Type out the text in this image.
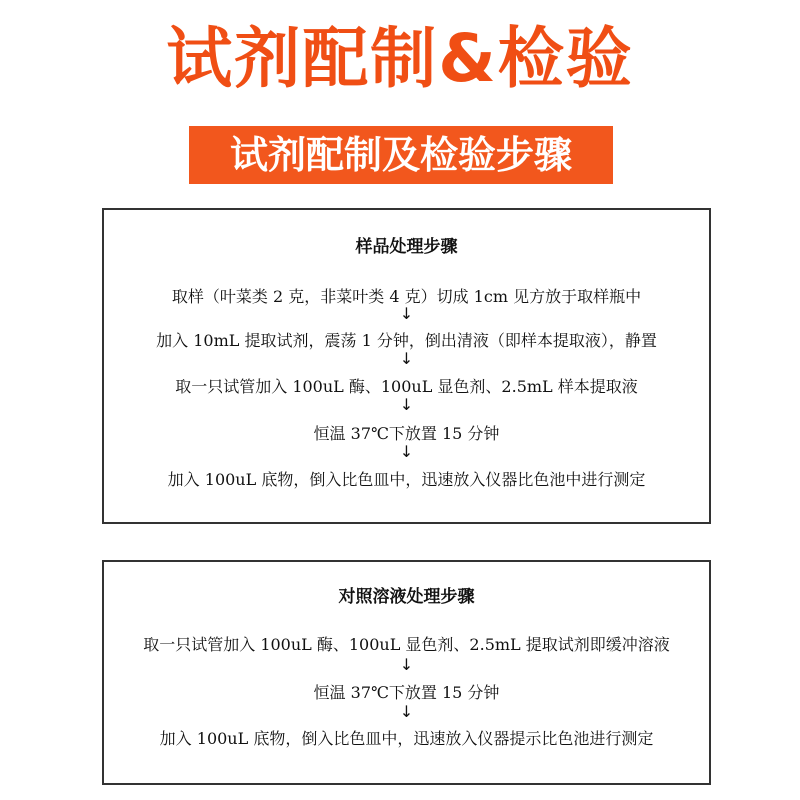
试剂配制&检验
试剂配制及检验步骤
样品处理步骤
取样（叶菜类 2 克，非菜叶类 4 克）切成 1cm 见方放于取样瓶中
↓
加入 10mL 提取试剂，震荡 1 分钟，倒出清液（即样本提取液），静置
↓
取一只试管加入 100uL 酶、100uL 显色剂、2.5mL 样本提取液
↓
恒温 37℃下放置 15 分钟
↓
加入 100uL 底物，倒入比色皿中，迅速放入仪器比色池中进行测定
对照溶液处理步骤
取一只试管加入 100uL 酶、100uL 显色剂、2.5mL 提取试剂即缓冲溶液
↓
恒温 37℃下放置 15 分钟
↓
加入 100uL 底物，倒入比色皿中，迅速放入仪器提示比色池进行测定
